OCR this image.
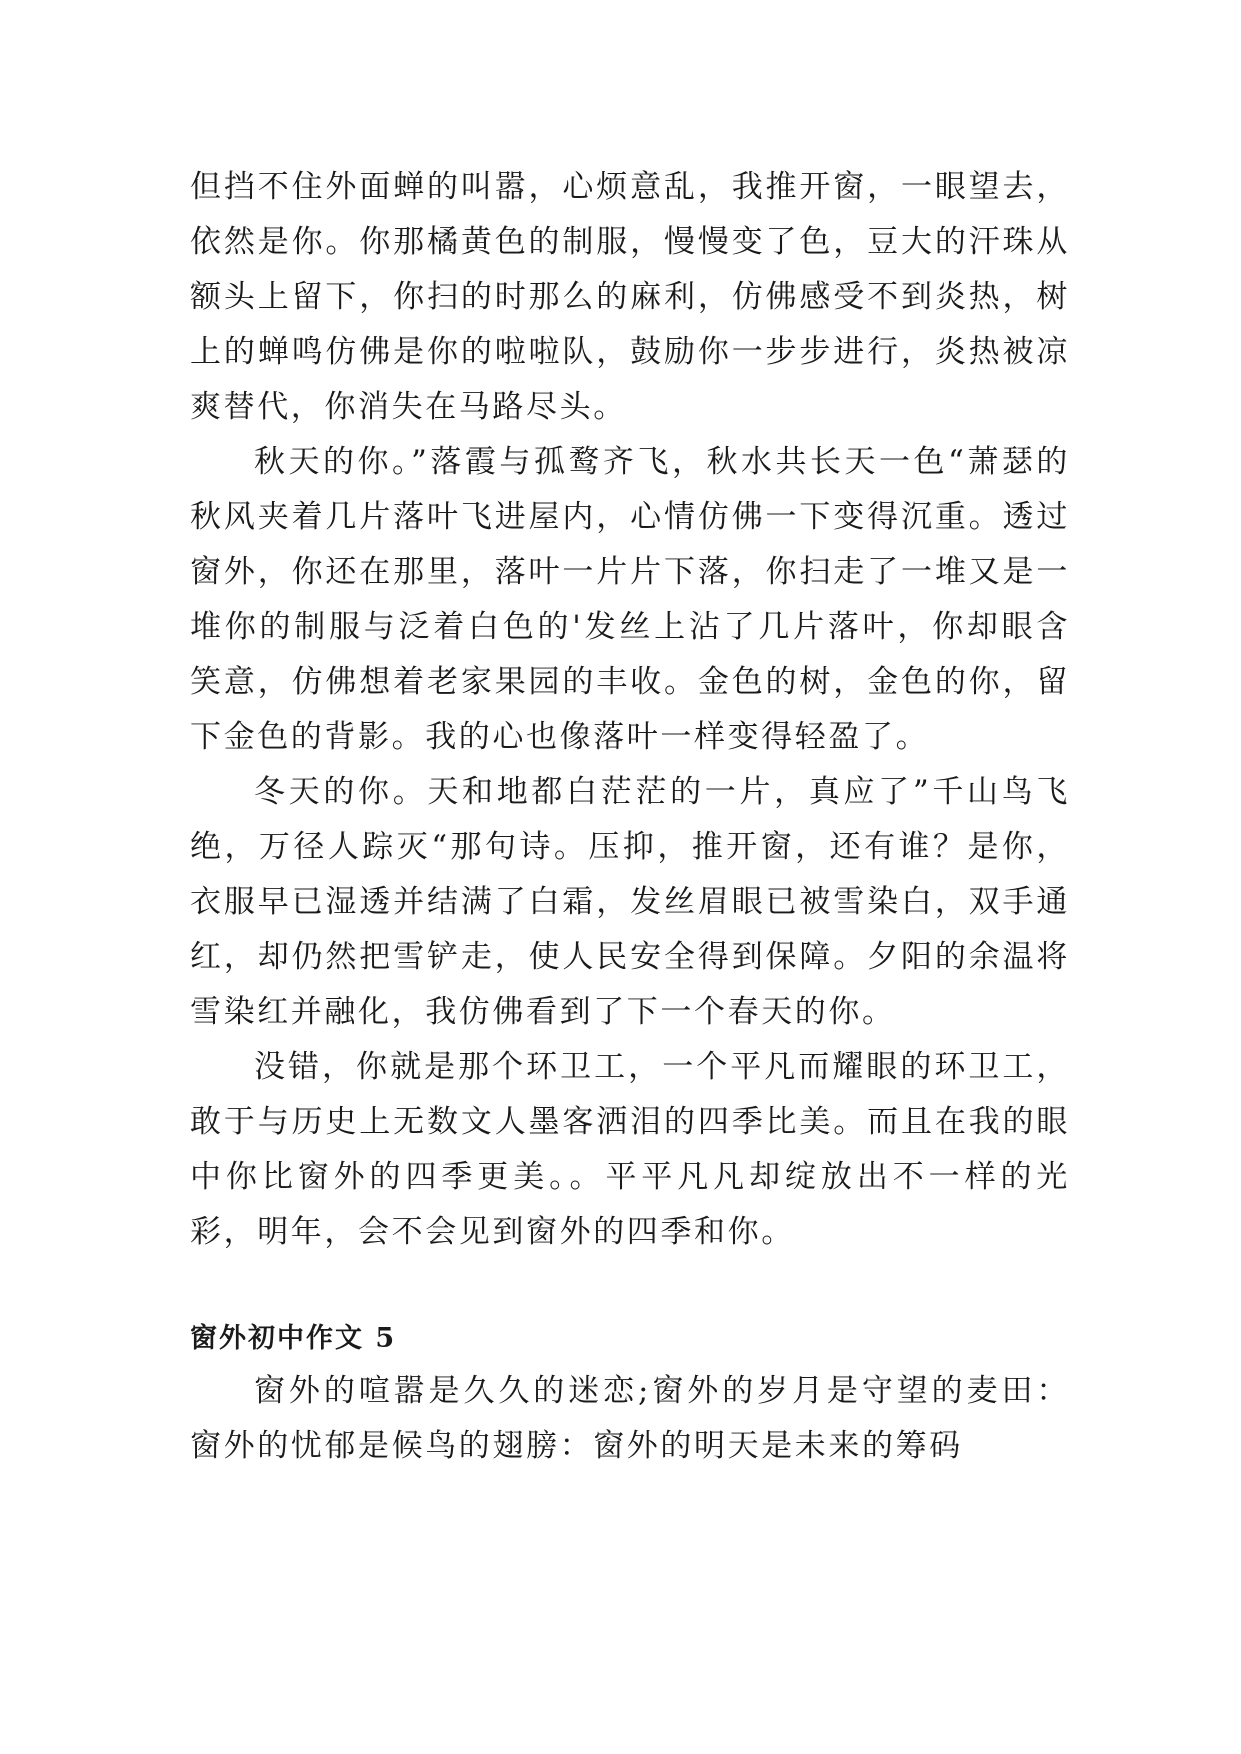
但挡不住外面蝉的叫嚣，心烦意乱，我推开窗，一眼望去，依然是你。你那橘黄色的制服，慢慢变了色，豆大的汗珠从额头上留下，你扫的时那么的麻利，仿佛感受不到炎热，树上的蝉鸣仿佛是你的啦啦队，鼓励你一步步进行，炎热被凉爽替代，你消失在马路尽头。

秋天的你。”落霞与孤鹜齐飞，秋水共长天一色“萧瑟的秋风夹着几片落叶飞进屋内，心情仿佛一下变得沉重。透过窗外，你还在那里，落叶一片片下落，你扫走了一堆又是一堆你的制服与泛着白色的'发丝上沾了几片落叶，你却眼含笑意，仿佛想着老家果园的丰收。金色的树，金色的你，留下金色的背影。我的心也像落叶一样变得轻盈了。

冬天的你。天和地都白茫茫的一片，真应了”千山鸟飞绝，万径人踪灭“那句诗。压抑，推开窗，还有谁？是你，衣服早已湿透并结满了白霜，发丝眉眼已被雪染白，双手通红，却仍然把雪铲走，使人民安全得到保障。夕阳的余温将雪染红并融化，我仿佛看到了下一个春天的你。

没错，你就是那个环卫工，一个平凡而耀眼的环卫工，敢于与历史上无数文人墨客洒泪的四季比美。而且在我的眼中你比窗外的四季更美。。平平凡凡却绽放出不一样的光彩，明年，会不会见到窗外的四季和你。

窗外初中作文 5

窗外的喧嚣是久久的迷恋;窗外的岁月是守望的麦田：窗外的忧郁是候鸟的翅膀：窗外的明天是未来的筹码
